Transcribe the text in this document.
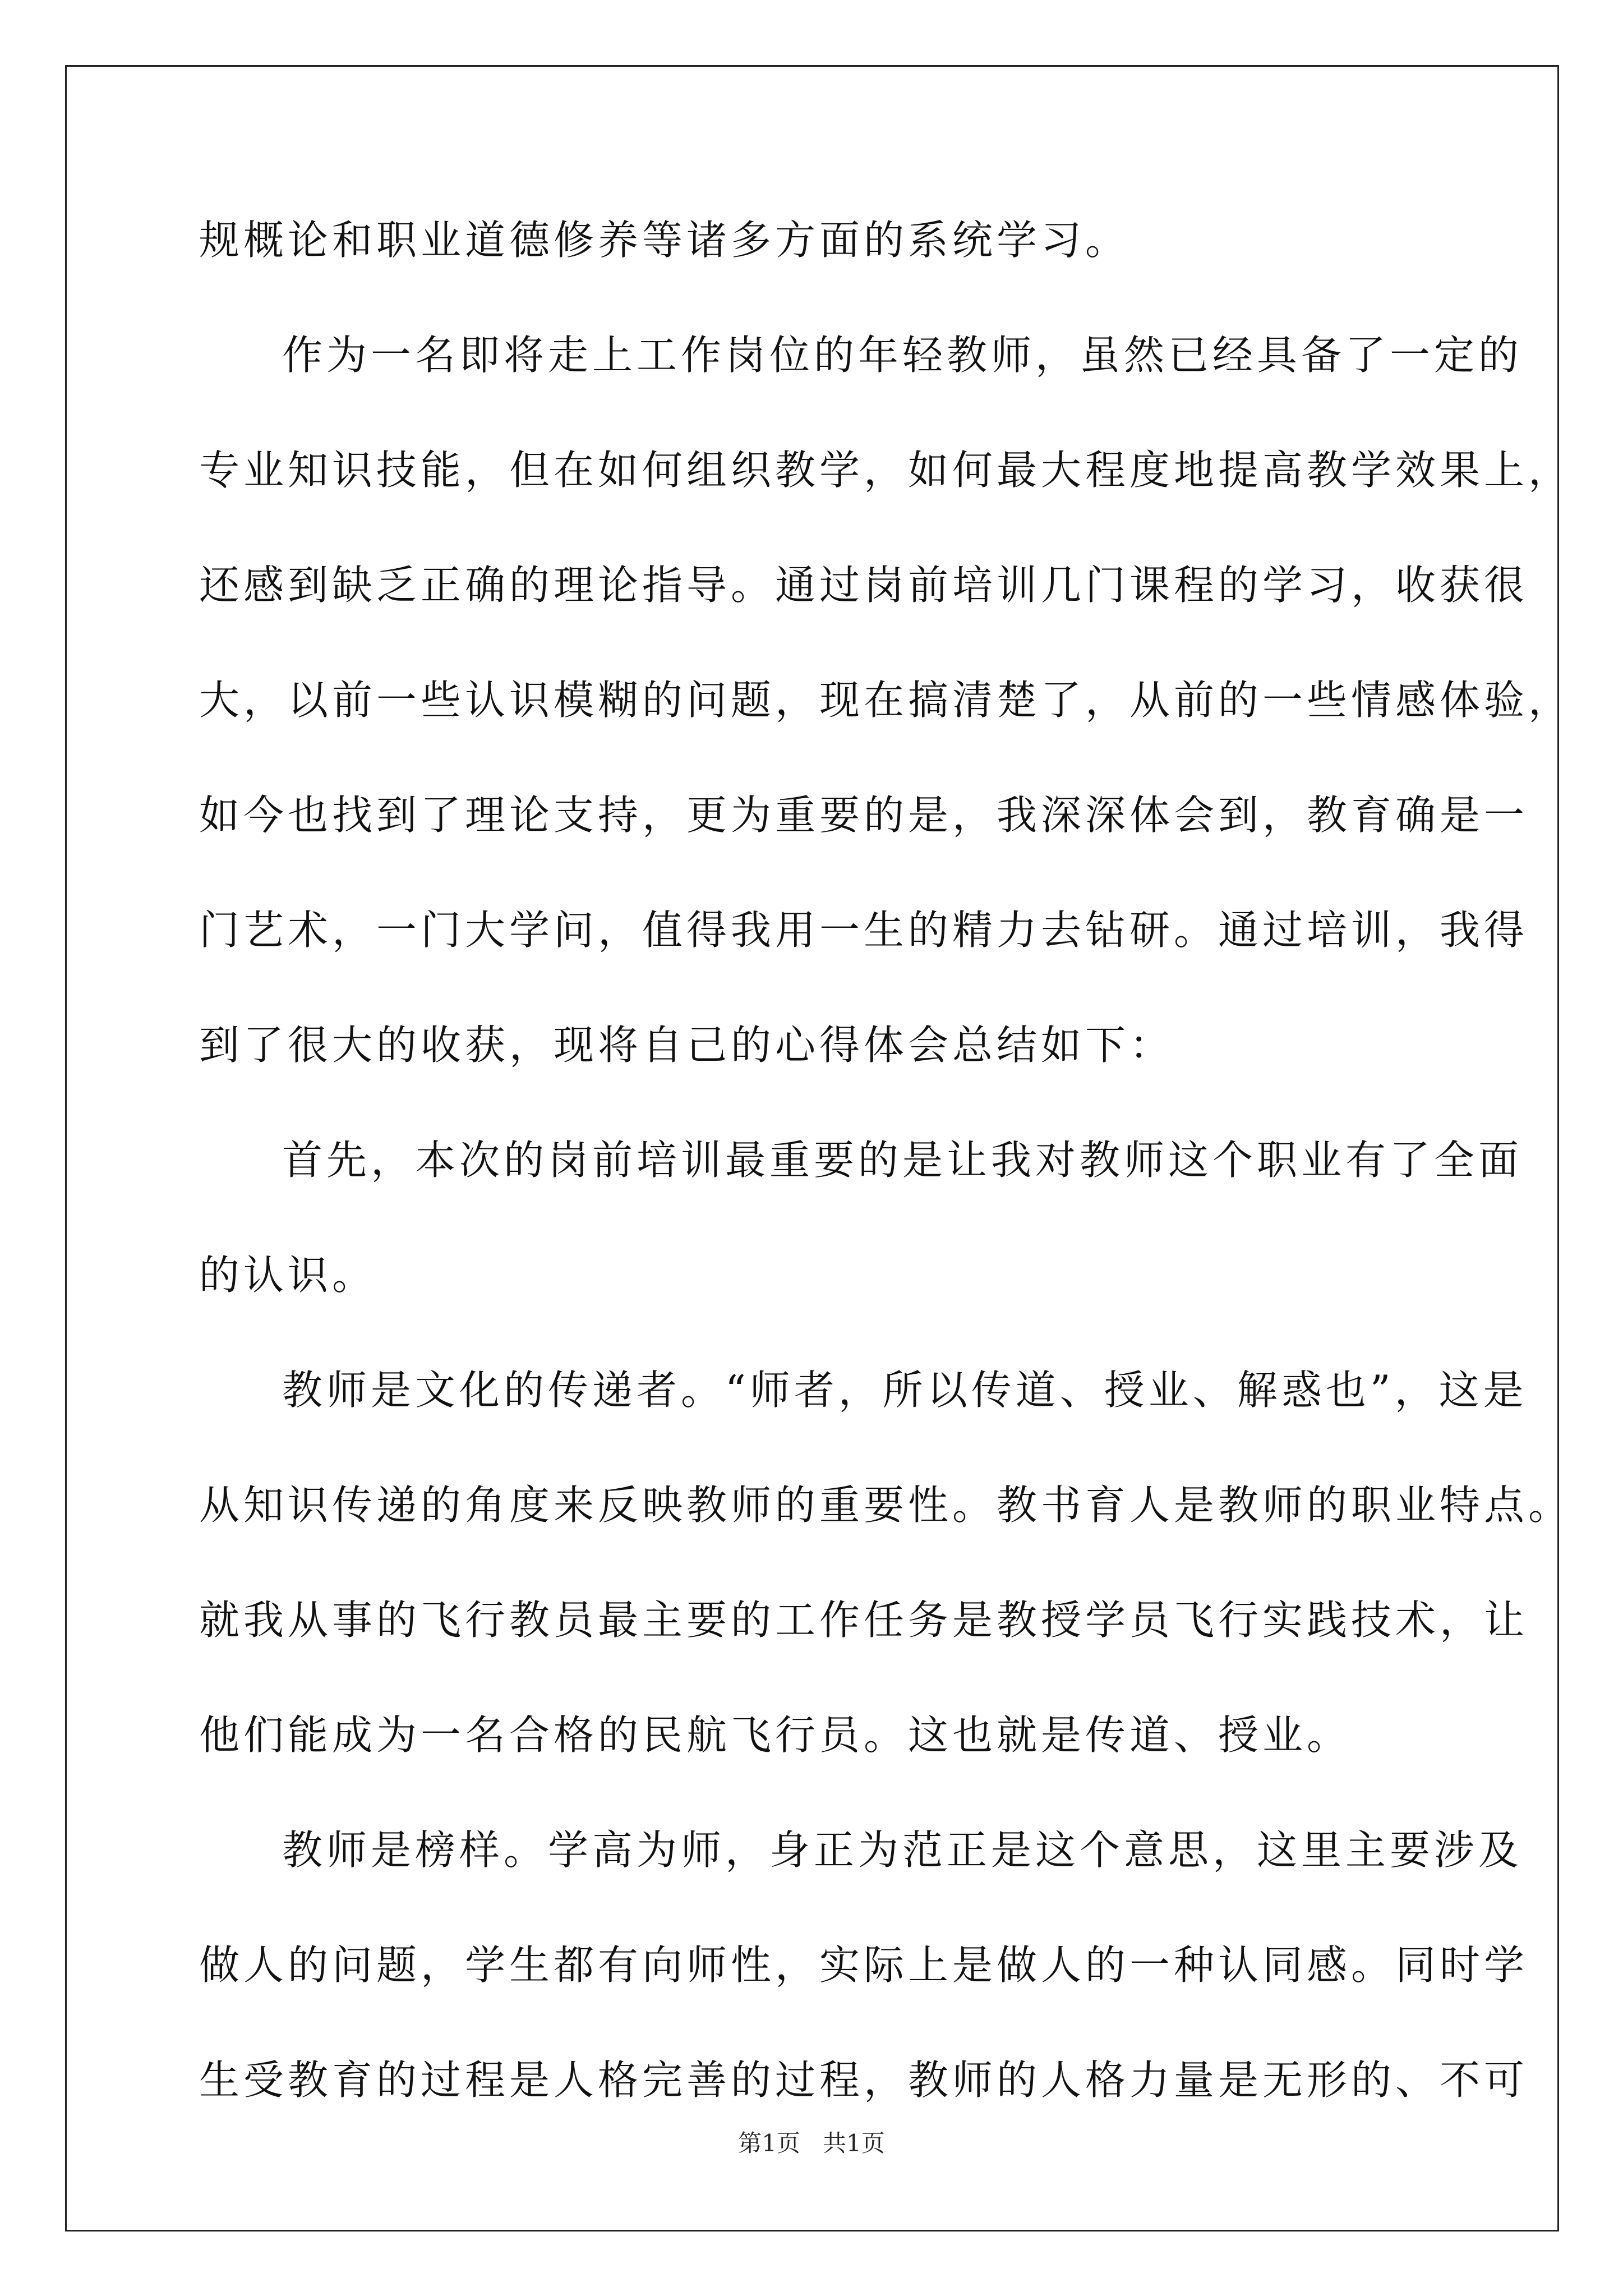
规概论和职业道德修养等诸多方面的系统学习。
作为一名即将走上工作岗位的年轻教师，虽然已经具备了一定的
专业知识技能，但在如何组织教学，如何最大程度地提高教学效果上，
还感到缺乏正确的理论指导。通过岗前培训几门课程的学习，收获很
大，以前一些认识模糊的问题，现在搞清楚了，从前的一些情感体验，
如今也找到了理论支持，更为重要的是，我深深体会到，教育确是一
门艺术，一门大学问，值得我用一生的精力去钻研。通过培训，我得
到了很大的收获，现将自己的心得体会总结如下：
首先，本次的岗前培训最重要的是让我对教师这个职业有了全面
的认识。
教师是文化的传递者。“师者，所以传道、授业、解惑也”，这是
从知识传递的角度来反映教师的重要性。教书育人是教师的职业特点。
就我从事的飞行教员最主要的工作任务是教授学员飞行实践技术，让
他们能成为一名合格的民航飞行员。这也就是传道、授业。
教师是榜样。学高为师，身正为范正是这个意思，这里主要涉及
做人的问题，学生都有向师性，实际上是做人的一种认同感。同时学
生受教育的过程是人格完善的过程，教师的人格力量是无形的、不可
第1页 共1页
